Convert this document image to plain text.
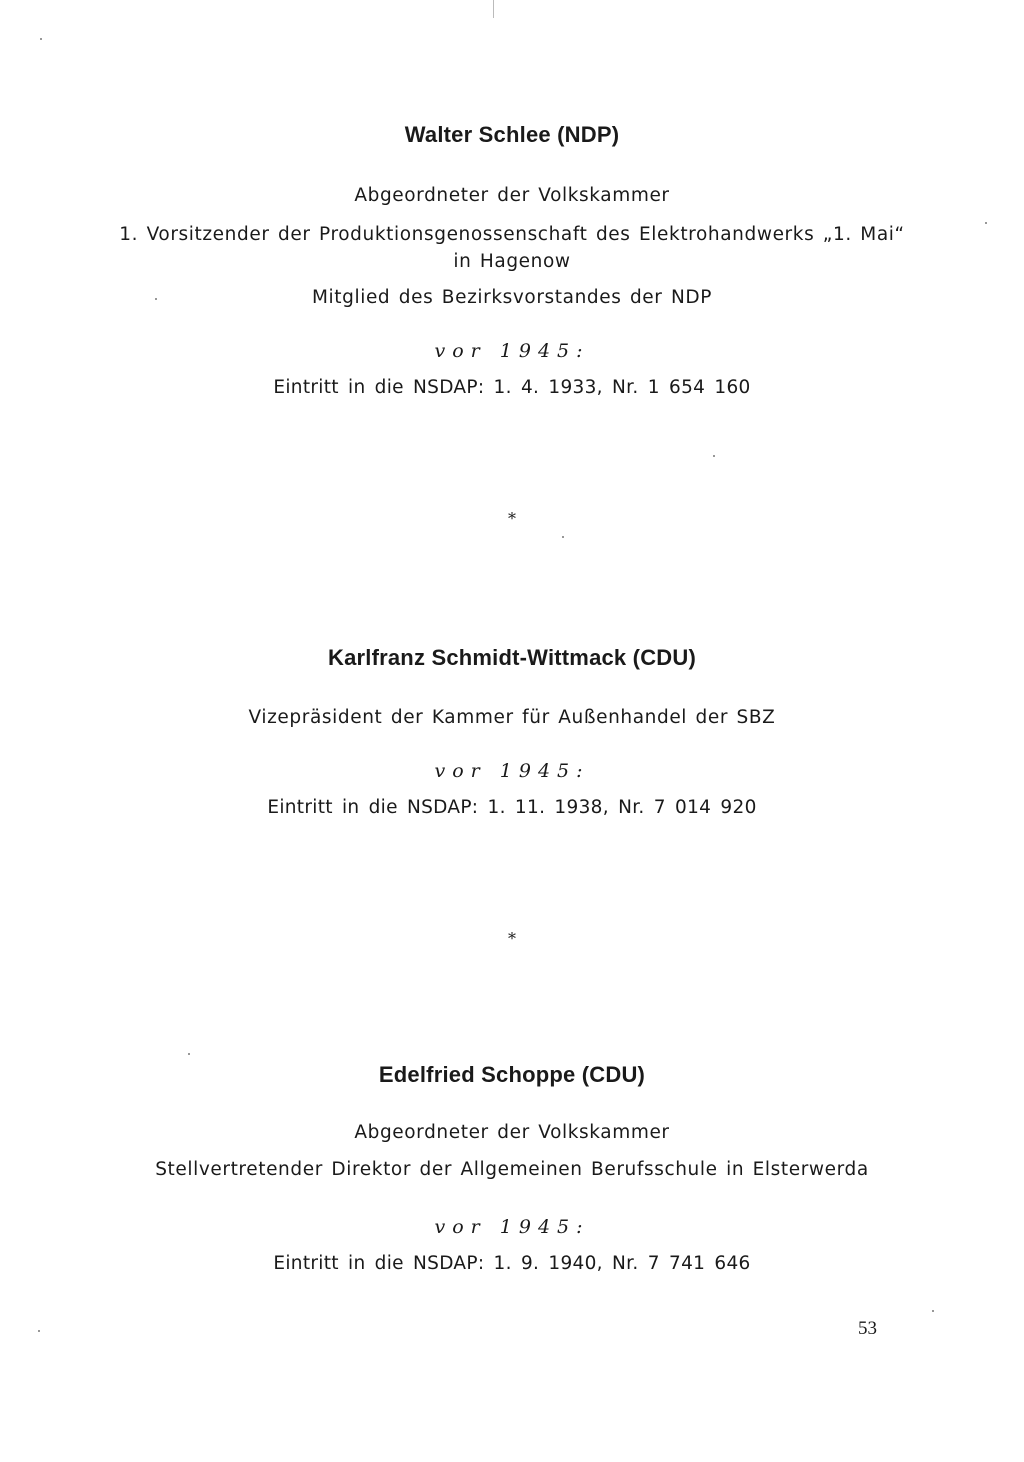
Walter Schlee (NDP)
Abgeordneter der Volkskammer
1. Vorsitzender der Produktionsgenossenschaft des Elektrohandwerks „1. Mai“
in Hagenow
Mitglied des Bezirksvorstandes der NDP
vor 1945:
Eintritt in die NSDAP: 1. 4. 1933, Nr. 1 654 160
*
Karlfranz Schmidt-Wittmack (CDU)
Vizepräsident der Kammer für Außenhandel der SBZ
vor 1945:
Eintritt in die NSDAP: 1. 11. 1938, Nr. 7 014 920
*
Edelfried Schoppe (CDU)
Abgeordneter der Volkskammer
Stellvertretender Direktor der Allgemeinen Berufsschule in Elsterwerda
vor 1945:
Eintritt in die NSDAP: 1. 9. 1940, Nr. 7 741 646
53
